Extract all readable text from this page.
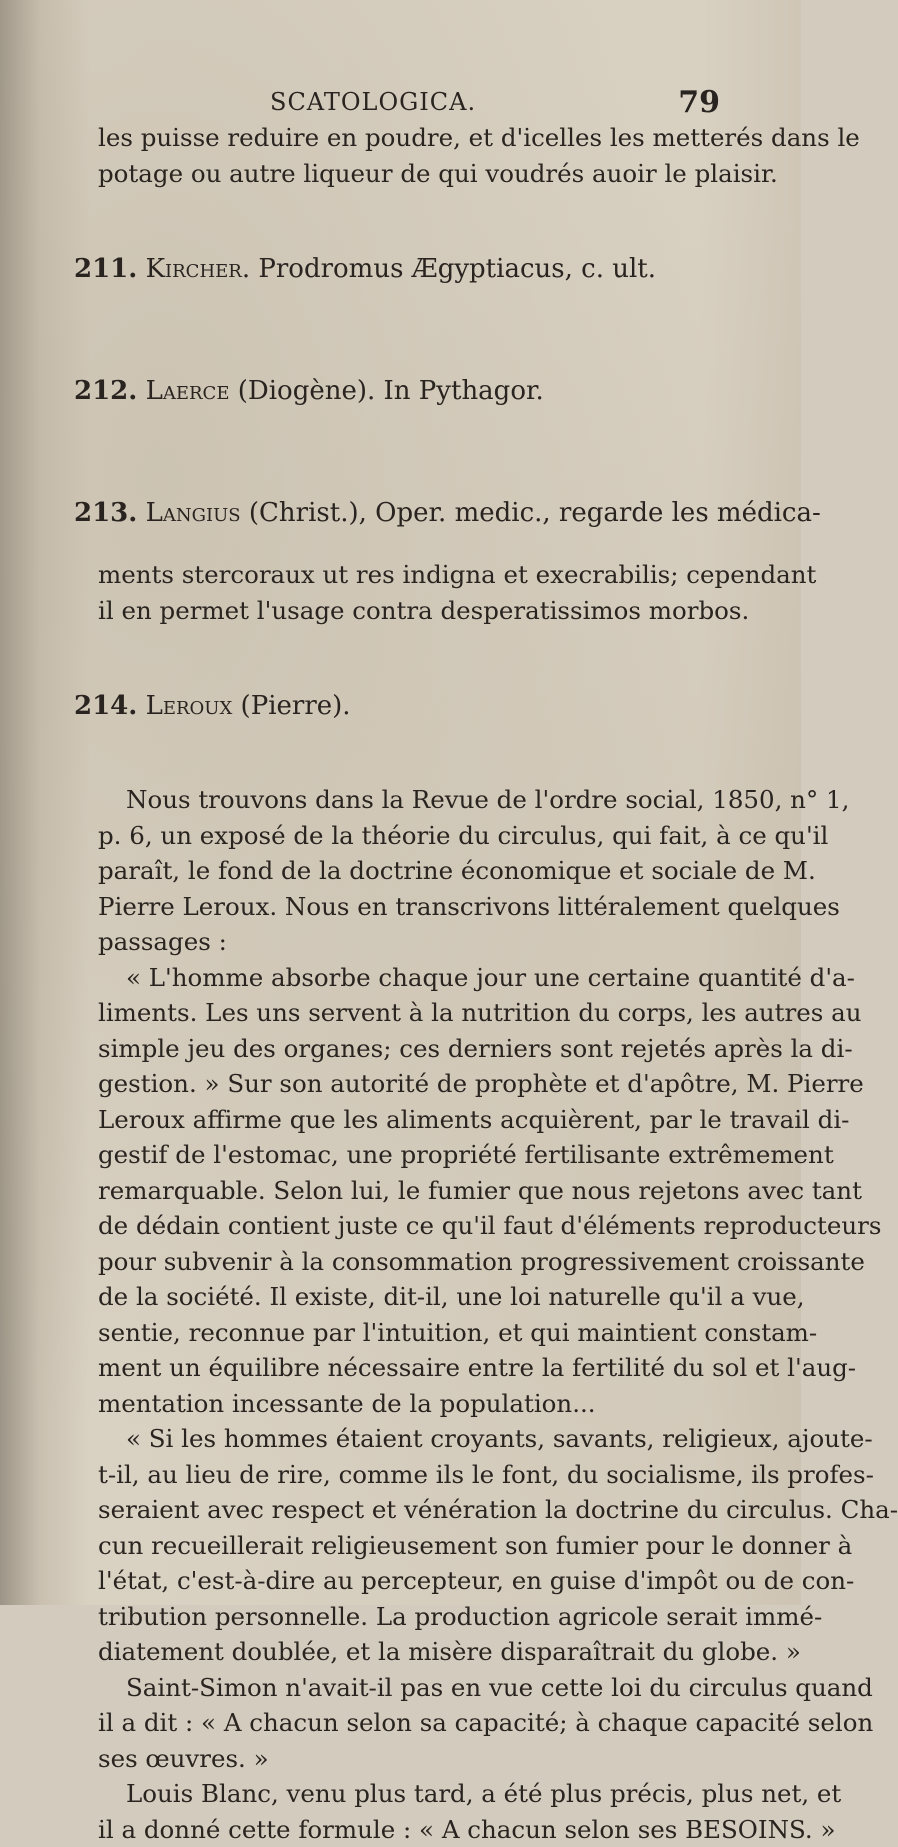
SCATOLOGICA.	79

les puisse reduire en poudre, et d'icelles les metterés dans le

potage ou autre liqueur de qui voudrés auoir le plaisir.

211. Kircher. Prodromus Ægyptiacus, c. ult.

212. Laerce (Diogène). In Pythagor.

213. Langius (Christ.), Oper. medic., regarde les médica-

ments stercoraux ut res indigna et execrabilis; cependant

il en permet l'usage contra desperatissimos morbos.

214. Leroux (Pierre).

Nous trouvons dans la Revue de l'ordre social, 1850, n° 1,

p. 6, un exposé de la théorie du circulus, qui fait, à ce qu'il

paraît, le fond de la doctrine économique et sociale de M.

Pierre Leroux. Nous en transcrivons littéralement quelques

passages :

« L'homme absorbe chaque jour une certaine quantité d'a-

liments. Les uns servent à la nutrition du corps, les autres au

simple jeu des organes; ces derniers sont rejetés après la di-

gestion. » Sur son autorité de prophète et d'apôtre, M. Pierre

Leroux affirme que les aliments acquièrent, par le travail di-

gestif de l'estomac, une propriété fertilisante extrêmement

remarquable. Selon lui, le fumier que nous rejetons avec tant

de dédain contient juste ce qu'il faut d'éléments reproducteurs

pour subvenir à la consommation progressivement croissante

de la société. Il existe, dit-il, une loi naturelle qu'il a vue,

sentie, reconnue par l'intuition, et qui maintient constam-

ment un équilibre nécessaire entre la fertilité du sol et l'aug-

mentation incessante de la population...

« Si les hommes étaient croyants, savants, religieux, ajoute-

t-il, au lieu de rire, comme ils le font, du socialisme, ils profes-

seraient avec respect et vénération la doctrine du circulus. Cha-

cun recueillerait religieusement son fumier pour le donner à

l'état, c'est-à-dire au percepteur, en guise d'impôt ou de con-

tribution personnelle. La production agricole serait immé-

diatement doublée, et la misère disparaîtrait du globe. »

Saint-Simon n'avait-il pas en vue cette loi du circulus quand

il a dit : « A chacun selon sa capacité; à chaque capacité selon

ses œuvres. »

Louis Blanc, venu plus tard, a été plus précis, plus net, et

il a donné cette formule : « A chacun selon ses BESOINS. »
